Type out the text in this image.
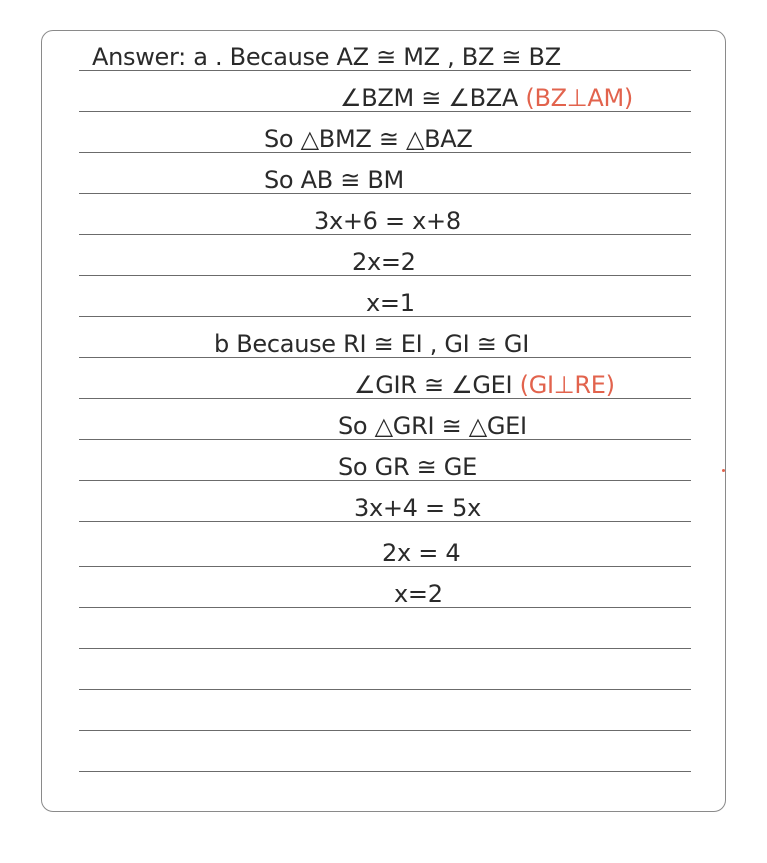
Answer: a . Because AZ ≅ MZ , BZ ≅ BZ
∠BZM ≅ ∠BZA (BZ⊥AM)
So △BMZ ≅ △BAZ
So AB ≅ BM
3x+6 = x+8
2x=2
x=1
b Because RI ≅ EI , GI ≅ GI
∠GIR ≅ ∠GEI (GI⊥RE)
So △GRI ≅ △GEI
So GR ≅ GE
3x+4 = 5x
2x = 4
x=2
